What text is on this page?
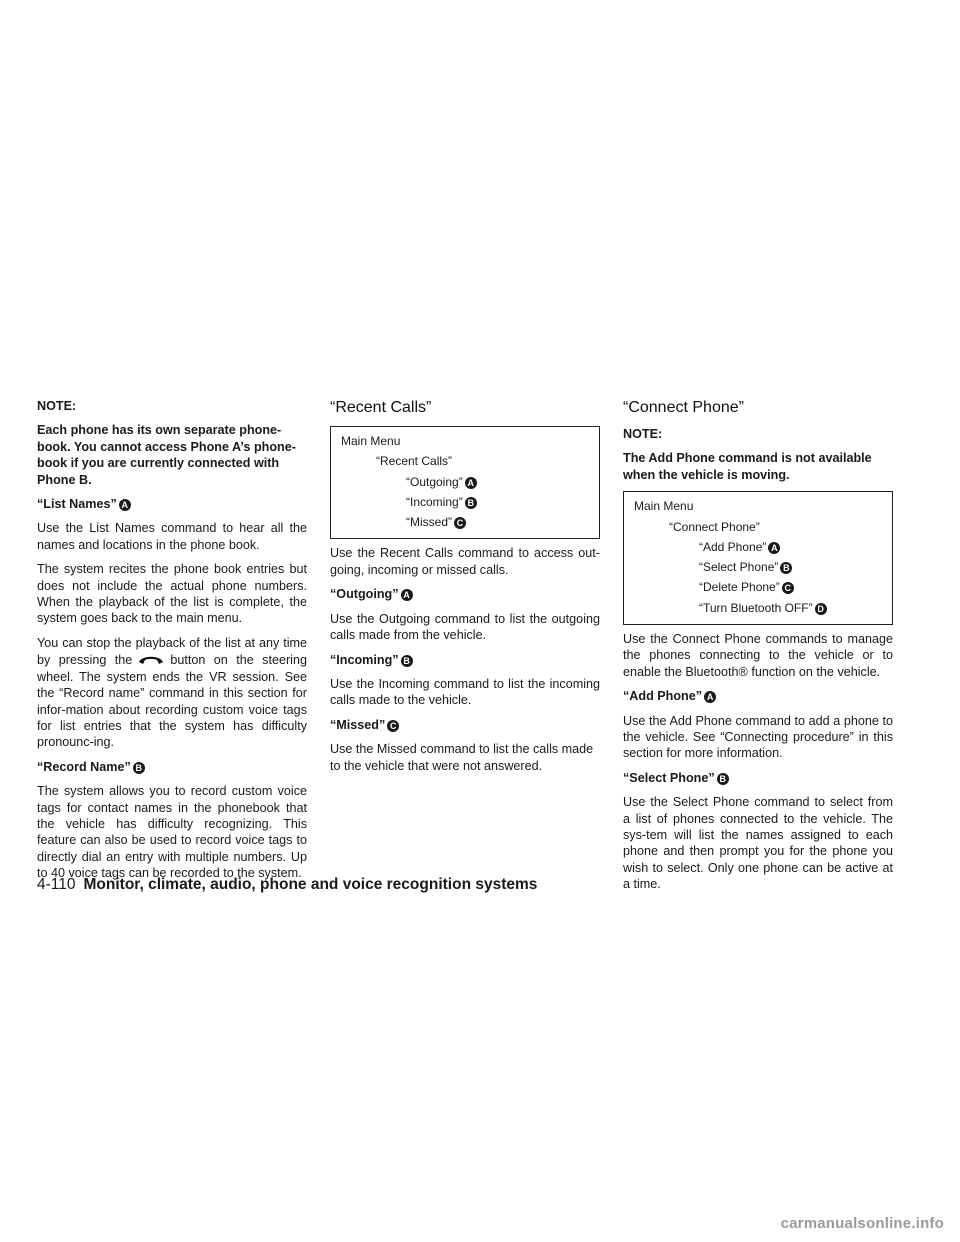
NOTE:

Each phone has its own separate phone-book. You cannot access Phone A’s phone-book if you are currently connected with Phone B.

“List Names” A

Use the List Names command to hear all the names and locations in the phone book.

The system recites the phone book entries but does not include the actual phone numbers. When the playback of the list is complete, the system goes back to the main menu.

You can stop the playback of the list at any time by pressing the	button on the steering wheel. The system ends the VR session. See the “Record name” command in this section for infor-mation about recording custom voice tags for list entries that the system has difficulty pronounc-ing.

“Record Name” B

The system allows you to record custom voice tags for contact names in the phonebook that the vehicle has difficulty recognizing. This feature can also be used to record voice tags to directly dial an entry with multiple numbers. Up to 40 voice tags can be recorded to the system.

“Recent Calls”
Main Menu
“Recent Calls”
“Outgoing” A
“Incoming” B
“Missed” C

Use the Recent Calls command to access out-going, incoming or missed calls.

“Outgoing” A

Use the Outgoing command to list the outgoing calls made from the vehicle.

“Incoming” B

Use the Incoming command to list the incoming calls made to the vehicle.

“Missed” C

Use the Missed command to list the calls made to the vehicle that were not answered.

“Connect Phone”

NOTE:

The Add Phone command is not available when the vehicle is moving.

Main Menu
“Connect Phone”
“Add Phone” A
“Select Phone” B
“Delete Phone” C
“Turn Bluetooth OFF” D

Use the Connect Phone commands to manage the phones connecting to the vehicle or to enable the Bluetooth® function on the vehicle.

“Add Phone” A

Use the Add Phone command to add a phone to the vehicle. See “Connecting procedure” in this section for more information.

“Select Phone” B

Use the Select Phone command to select from a list of phones connected to the vehicle. The sys-tem will list the names assigned to each phone and then prompt you for the phone you wish to select. Only one phone can be active at a time.

4-110 Monitor, climate, audio, phone and voice recognition systems
carmanualsonline.info
